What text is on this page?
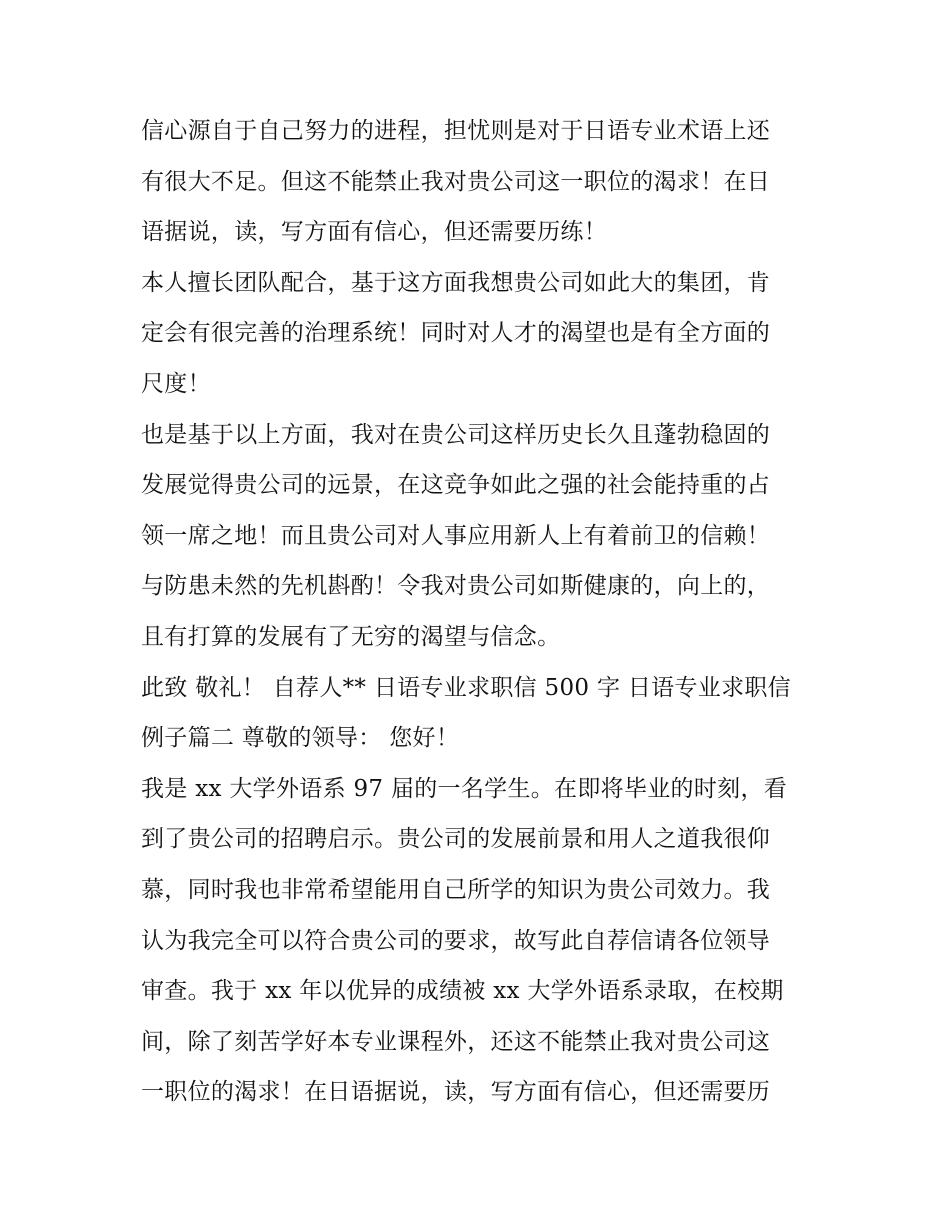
信心源自于自己努力的进程，担忧则是对于日语专业术语上还
有很大不足。但这不能禁止我对贵公司这一职位的渴求！在日
语据说，读，写方面有信心，但还需要历练！
本人擅长团队配合，基于这方面我想贵公司如此大的集团，肯
定会有很完善的治理系统！同时对人才的渴望也是有全方面的
尺度！
也是基于以上方面，我对在贵公司这样历史长久且蓬勃稳固的
发展觉得贵公司的远景，在这竞争如此之强的社会能持重的占
领一席之地！而且贵公司对人事应用新人上有着前卫的信赖！
与防患未然的先机斟酌！令我对贵公司如斯健康的，向上的，
且有打算的发展有了无穷的渴望与信念。
此致 敬礼！ 自荐人** 日语专业求职信 500 字 日语专业求职信
例子篇二 尊敬的领导： 您好！
我是 xx 大学外语系 97 届的一名学生。在即将毕业的时刻，看
到了贵公司的招聘启示。贵公司的发展前景和用人之道我很仰
慕，同时我也非常希望能用自己所学的知识为贵公司效力。我
认为我完全可以符合贵公司的要求，故写此自荐信请各位领导
审查。我于 xx 年以优异的成绩被 xx 大学外语系录取，在校期
间，除了刻苦学好本专业课程外，还这不能禁止我对贵公司这
一职位的渴求！在日语据说，读，写方面有信心，但还需要历
